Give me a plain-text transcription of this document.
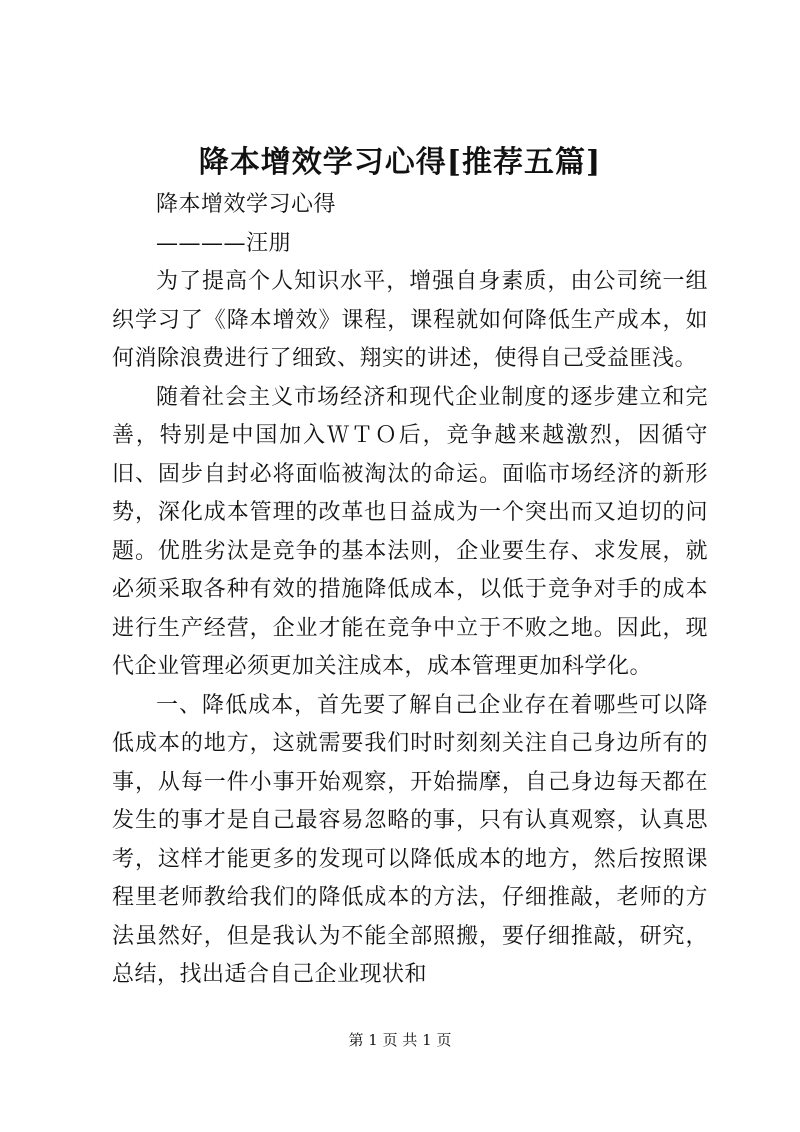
降本增效学习心得[推荐五篇]

降本增效学习心得

————汪朋

为了提高个人知识水平，增强自身素质，由公司统一组织学习了《降本增效》课程，课程就如何降低生产成本，如何消除浪费进行了细致、翔实的讲述，使得自己受益匪浅。

随着社会主义市场经济和现代企业制度的逐步建立和完善，特别是中国加入ＷＴＯ后，竞争越来越激烈，因循守旧、固步自封必将面临被淘汰的命运。面临市场经济的新形势，深化成本管理的改革也日益成为一个突出而又迫切的问题。优胜劣汰是竞争的基本法则，企业要生存、求发展，就必须采取各种有效的措施降低成本，以低于竞争对手的成本进行生产经营，企业才能在竞争中立于不败之地。因此，现代企业管理必须更加关注成本，成本管理更加科学化。

一、降低成本，首先要了解自己企业存在着哪些可以降低成本的地方，这就需要我们时时刻刻关注自己身边所有的事，从每一件小事开始观察，开始揣摩，自己身边每天都在发生的事才是自己最容易忽略的事，只有认真观察，认真思考，这样才能更多的发现可以降低成本的地方，然后按照课程里老师教给我们的降低成本的方法，仔细推敲，老师的方法虽然好，但是我认为不能全部照搬，要仔细推敲，研究，总结，找出适合自己企业现状和

第 1 页 共 1 页
